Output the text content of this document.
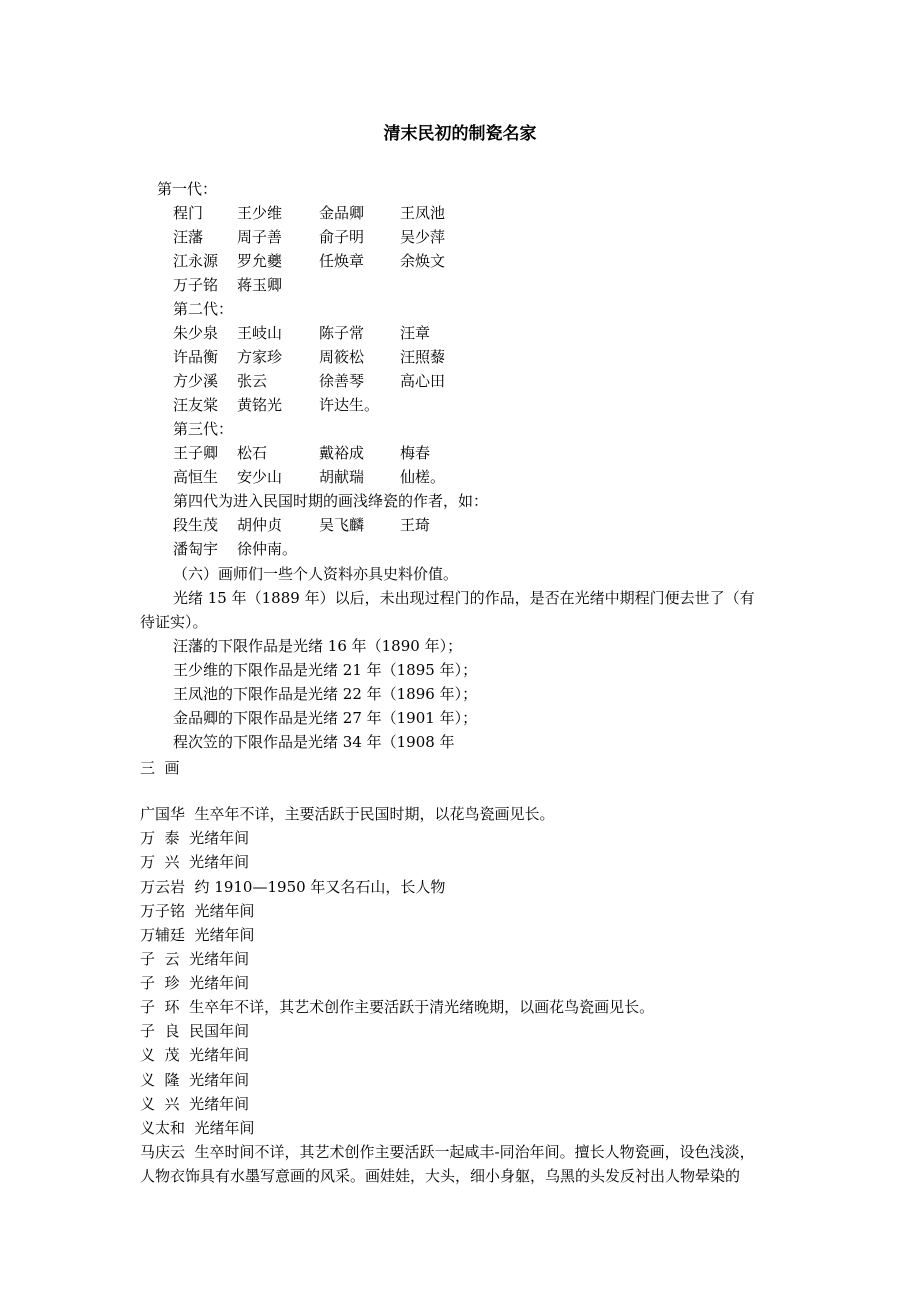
清末民初的制瓷名家
第一代：
程门 王少维 金品卿 王凤池
汪藩 周子善 俞子明 吴少萍
江永源 罗允夔 任焕章 余焕文
万子铭 蒋玉卿
第二代：
朱少泉 王岐山 陈子常 汪章
许品衡 方家珍 周筱松 汪照藜
方少溪 张云	徐善琴 高心田
汪友棠 黄铭光 许达生。
第三代：
王子卿 松石	戴裕成 梅春
高恒生 安少山 胡献瑞 仙槎。
第四代为进入民国时期的画浅绛瓷的作者，如：
段生茂 胡仲贞 吴飞麟 王琦
潘匋宇 徐仲南。
（六）画师们一些个人资料亦具史料价值。
光绪 15 年（1889 年）以后，未出现过程门的作品，是否在光绪中期程门便去世了（有
待证实）。
汪藩的下限作品是光绪 16 年（1890 年）；
王少维的下限作品是光绪 21 年（1895 年）；
王凤池的下限作品是光绪 22 年（1896 年）；
金品卿的下限作品是光绪 27 年（1901 年）；
程次笠的下限作品是光绪 34 年（1908 年
三  画
广国华  生卒年不详，主要活跃于民国时期，以花鸟瓷画见长。
万  泰  光绪年间
万  兴  光绪年间
万云岩  约 1910—1950 年又名石山，长人物
万子铭  光绪年间
万辅廷  光绪年间
子  云  光绪年间
子  珍  光绪年间
子  环  生卒年不详，其艺术创作主要活跃于清光绪晚期，以画花鸟瓷画见长。
子  良  民国年间
义  茂  光绪年间
义  隆  光绪年间
义  兴  光绪年间
义太和  光绪年间
马庆云  生卒时间不详，其艺术创作主要活跃一起咸丰-同治年间。擅长人物瓷画，设色浅淡，
人物衣饰具有水墨写意画的风采。画娃娃，大头，细小身躯，乌黑的头发反衬出人物晕染的
